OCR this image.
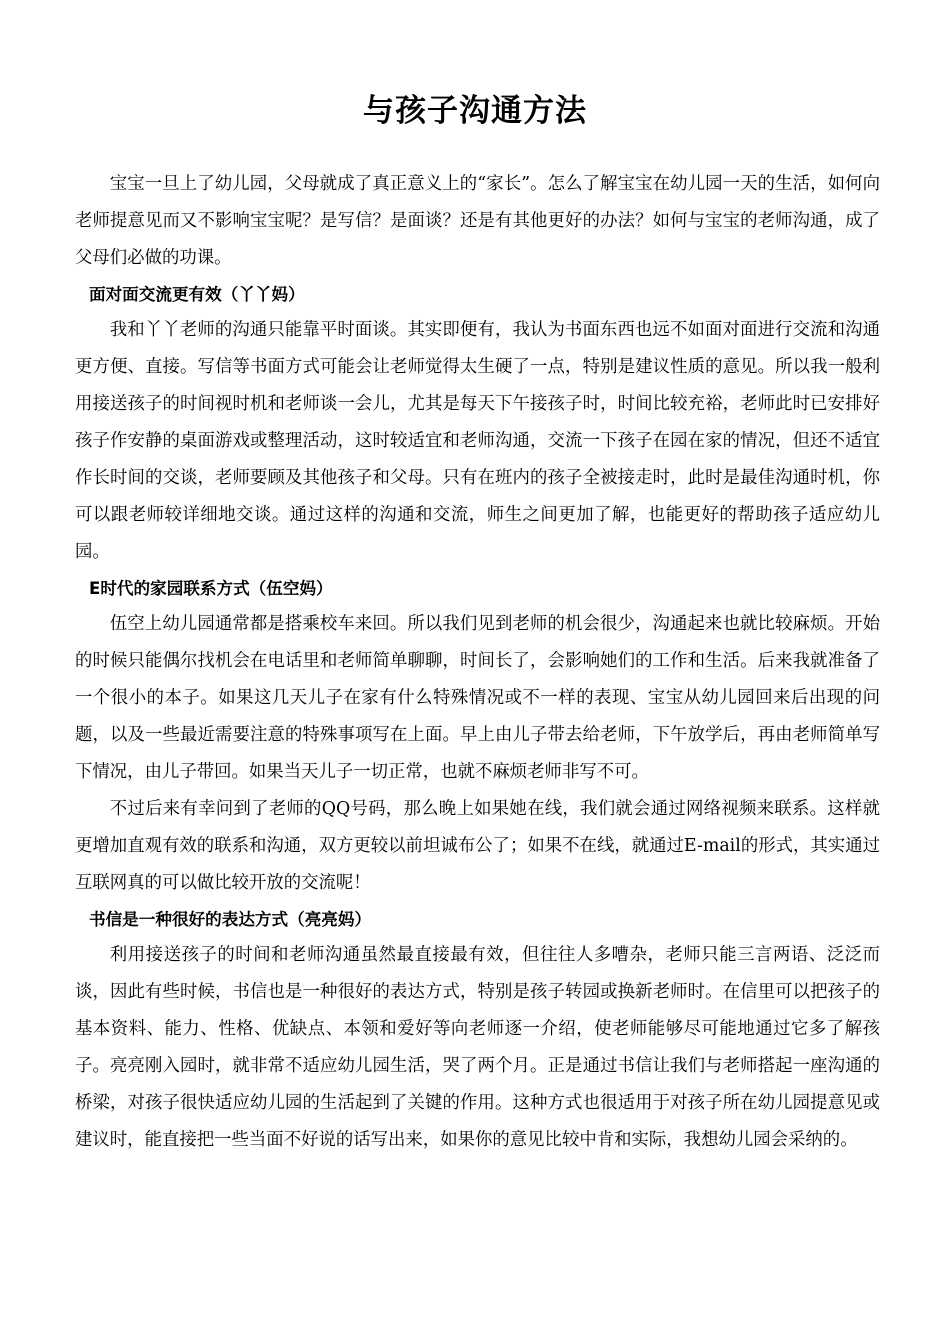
与孩子沟通方法

宝宝一旦上了幼儿园，父母就成了真正意义上的“家长”。怎么了解宝宝在幼儿园一天的生活，如何向老师提意见而又不影响宝宝呢？是写信？是面谈？还是有其他更好的办法？如何与宝宝的老师沟通，成了父母们必做的功课。

面对面交流更有效（丫丫妈）

我和丫丫老师的沟通只能靠平时面谈。其实即便有，我认为书面东西也远不如面对面进行交流和沟通更方便、直接。写信等书面方式可能会让老师觉得太生硬了一点，特别是建议性质的意见。所以我一般利用接送孩子的时间视时机和老师谈一会儿，尤其是每天下午接孩子时，时间比较充裕，老师此时已安排好孩子作安静的桌面游戏或整理活动，这时较适宜和老师沟通，交流一下孩子在园在家的情况，但还不适宜作长时间的交谈，老师要顾及其他孩子和父母。只有在班内的孩子全被接走时，此时是最佳沟通时机，你可以跟老师较详细地交谈。通过这样的沟通和交流，师生之间更加了解，也能更好的帮助孩子适应幼儿园。

E时代的家园联系方式（伍空妈）

伍空上幼儿园通常都是搭乘校车来回。所以我们见到老师的机会很少，沟通起来也就比较麻烦。开始的时候只能偶尔找机会在电话里和老师简单聊聊，时间长了，会影响她们的工作和生活。后来我就准备了一个很小的本子。如果这几天儿子在家有什么特殊情况或不一样的表现、宝宝从幼儿园回来后出现的问题，以及一些最近需要注意的特殊事项写在上面。早上由儿子带去给老师，下午放学后，再由老师简单写下情况，由儿子带回。如果当天儿子一切正常，也就不麻烦老师非写不可。

不过后来有幸问到了老师的QQ号码，那么晚上如果她在线，我们就会通过网络视频来联系。这样就更增加直观有效的联系和沟通，双方更较以前坦诚布公了；如果不在线，就通过E-mail的形式，其实通过互联网真的可以做比较开放的交流呢！

书信是一种很好的表达方式（亮亮妈）

利用接送孩子的时间和老师沟通虽然最直接最有效，但往往人多嘈杂，老师只能三言两语、泛泛而谈，因此有些时候，书信也是一种很好的表达方式，特别是孩子转园或换新老师时。在信里可以把孩子的基本资料、能力、性格、优缺点、本领和爱好等向老师逐一介绍，使老师能够尽可能地通过它多了解孩子。亮亮刚入园时，就非常不适应幼儿园生活，哭了两个月。正是通过书信让我们与老师搭起一座沟通的桥梁，对孩子很快适应幼儿园的生活起到了关键的作用。这种方式也很适用于对孩子所在幼儿园提意见或建议时，能直接把一些当面不好说的话写出来，如果你的意见比较中肯和实际，我想幼儿园会采纳的。
